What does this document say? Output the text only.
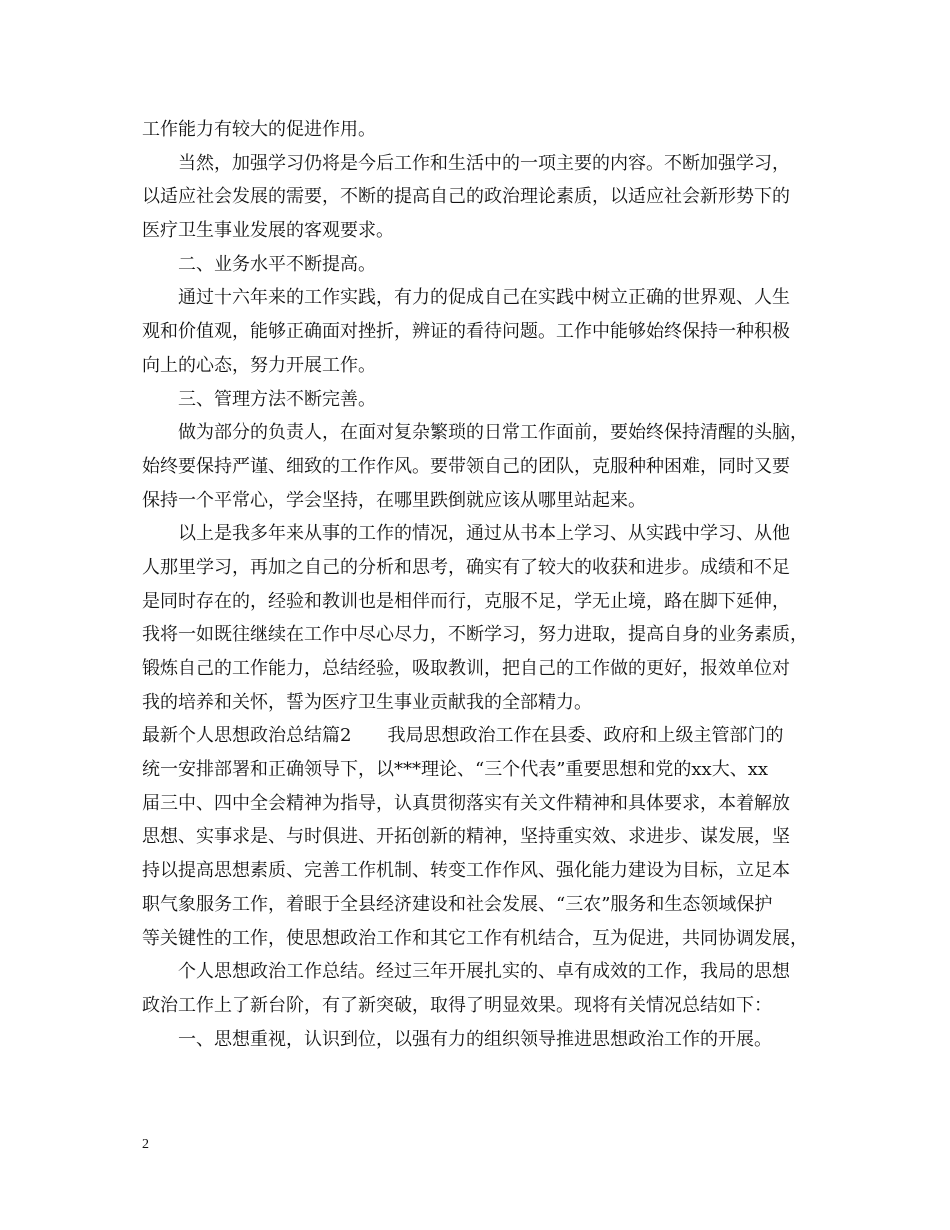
工作能力有较大的促进作用。
当然，加强学习仍将是今后工作和生活中的一项主要的内容。不断加强学习，
以适应社会发展的需要，不断的提高自己的政治理论素质，以适应社会新形势下的
医疗卫生事业发展的客观要求。
二、业务水平不断提高。
通过十六年来的工作实践，有力的促成自己在实践中树立正确的世界观、人生
观和价值观，能够正确面对挫折，辨证的看待问题。工作中能够始终保持一种积极
向上的心态，努力开展工作。
三、管理方法不断完善。
做为部分的负责人，在面对复杂繁琐的日常工作面前，要始终保持清醒的头脑，
始终要保持严谨、细致的工作作风。要带领自己的团队，克服种种困难，同时又要
保持一个平常心，学会坚持，在哪里跌倒就应该从哪里站起来。
以上是我多年来从事的工作的情况，通过从书本上学习、从实践中学习、从他
人那里学习，再加之自己的分析和思考，确实有了较大的收获和进步。成绩和不足
是同时存在的，经验和教训也是相伴而行，克服不足，学无止境，路在脚下延伸，
我将一如既往继续在工作中尽心尽力，不断学习，努力进取，提高自身的业务素质，
锻炼自己的工作能力，总结经验，吸取教训，把自己的工作做的更好，报效单位对
我的培养和关怀，誓为医疗卫生事业贡献我的全部精力。
最新个人思想政治总结篇2　　我局思想政治工作在县委、政府和上级主管部门的
统一安排部署和正确领导下，以***理论、“三个代表”重要思想和党的xx大、xx
届三中、四中全会精神为指导，认真贯彻落实有关文件精神和具体要求，本着解放
思想、实事求是、与时俱进、开拓创新的精神，坚持重实效、求进步、谋发展，坚
持以提高思想素质、完善工作机制、转变工作作风、强化能力建设为目标，立足本
职气象服务工作，着眼于全县经济建设和社会发展、“三农”服务和生态领域保护
等关键性的工作，使思想政治工作和其它工作有机结合，互为促进，共同协调发展，
个人思想政治工作总结。经过三年开展扎实的、卓有成效的工作，我局的思想
政治工作上了新台阶，有了新突破，取得了明显效果。现将有关情况总结如下：
一、思想重视，认识到位，以强有力的组织领导推进思想政治工作的开展。
2
